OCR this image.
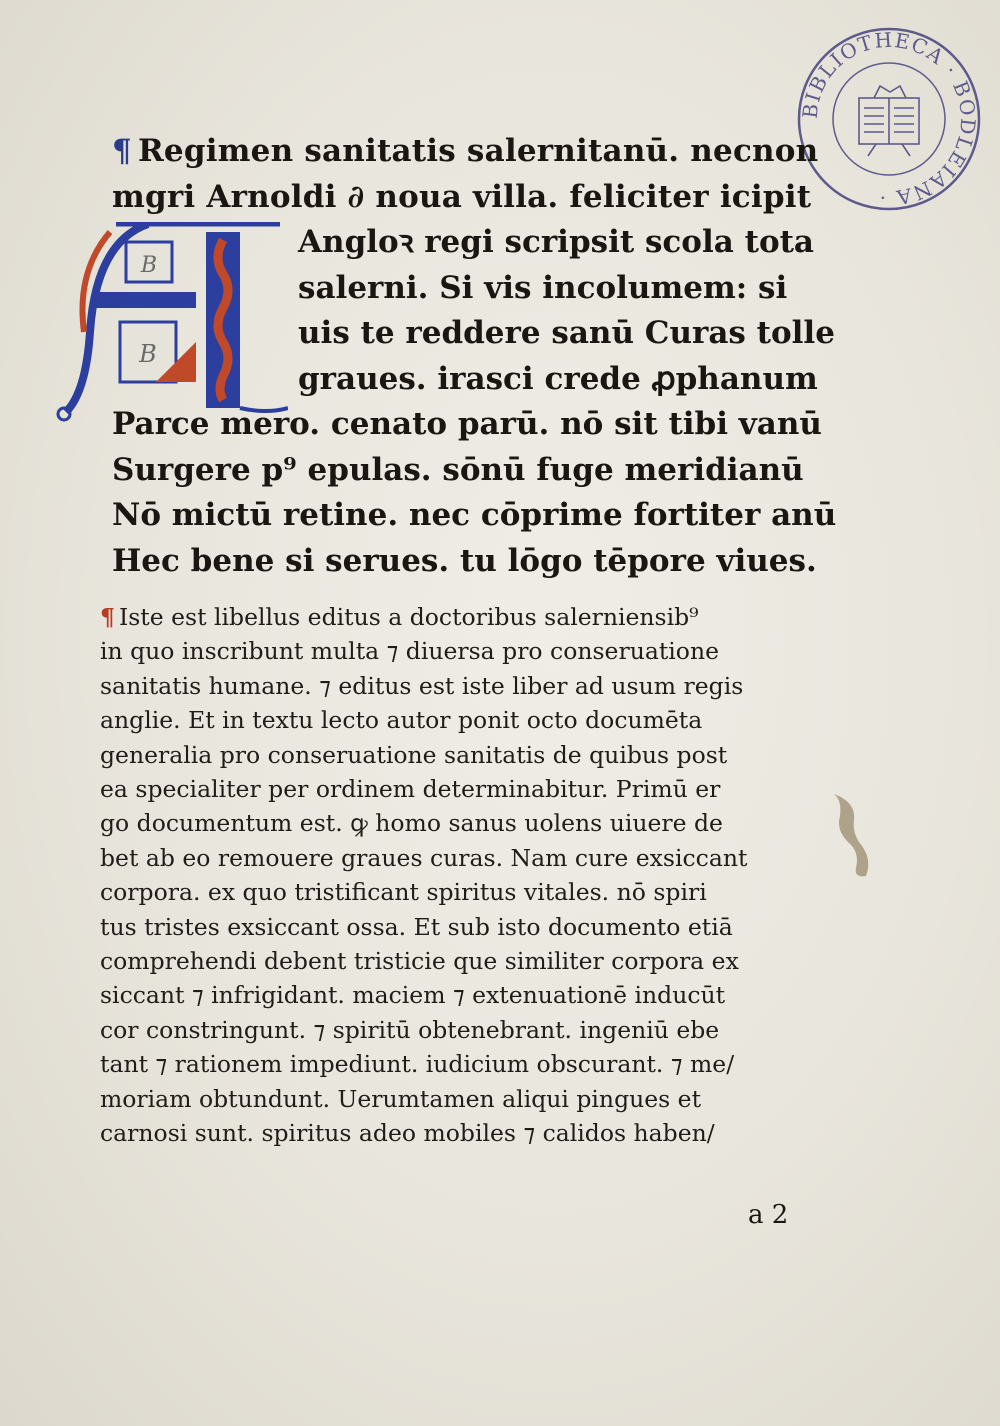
BIBLIOTHECA · BODLEIANA ·
¶ Regimen sanitatis salernitanū. necnon
mgri Arnoldi ∂ noua villa. feliciter icipit
B
B
Angloꝛ regi scripsit scola tota
salerni. Si vis incolumem: si
uis te reddere sanū Curas tolle
graues. irasci crede ꝓphanum
Parce mero. cenato parū. nō sit tibi vanū
Surgere p⁹ epulas. sōnū fuge meridianū
Nō mictū retine. nec cōprime fortiter anū
Hec bene si serues. tu lōgo tēpore viues.
¶ Iste est libellus editus a doctoribus salerniensib⁹
in quo inscribunt multa ⁊ diuersa pro conseruatione
sanitatis humane. ⁊ editus est iste liber ad usum regis
anglie. Et in textu lecto autor ponit octo documēta
generalia pro conseruatione sanitatis de quibus post
ea specialiter per ordinem determinabitur. Primū er
go documentum est. ꝙ homo sanus uolens uiuere de
bet ab eo remouere graues curas. Nam cure exsiccant
corpora. ex quo tristificant spiritus vitales. nō spiri
tus tristes exsiccant ossa. Et sub isto documento etiā
comprehendi debent tristicie que similiter corpora ex
siccant ⁊ infrigidant. maciem ⁊ extenuationē inducūt
cor constringunt. ⁊ spiritū obtenebrant. ingeniū ebe
tant ⁊ rationem impediunt. iudicium obscurant. ⁊ me/
moriam obtundunt. Uerumtamen aliqui pingues et
carnosi sunt. spiritus adeo mobiles ⁊ calidos haben/
a 2
